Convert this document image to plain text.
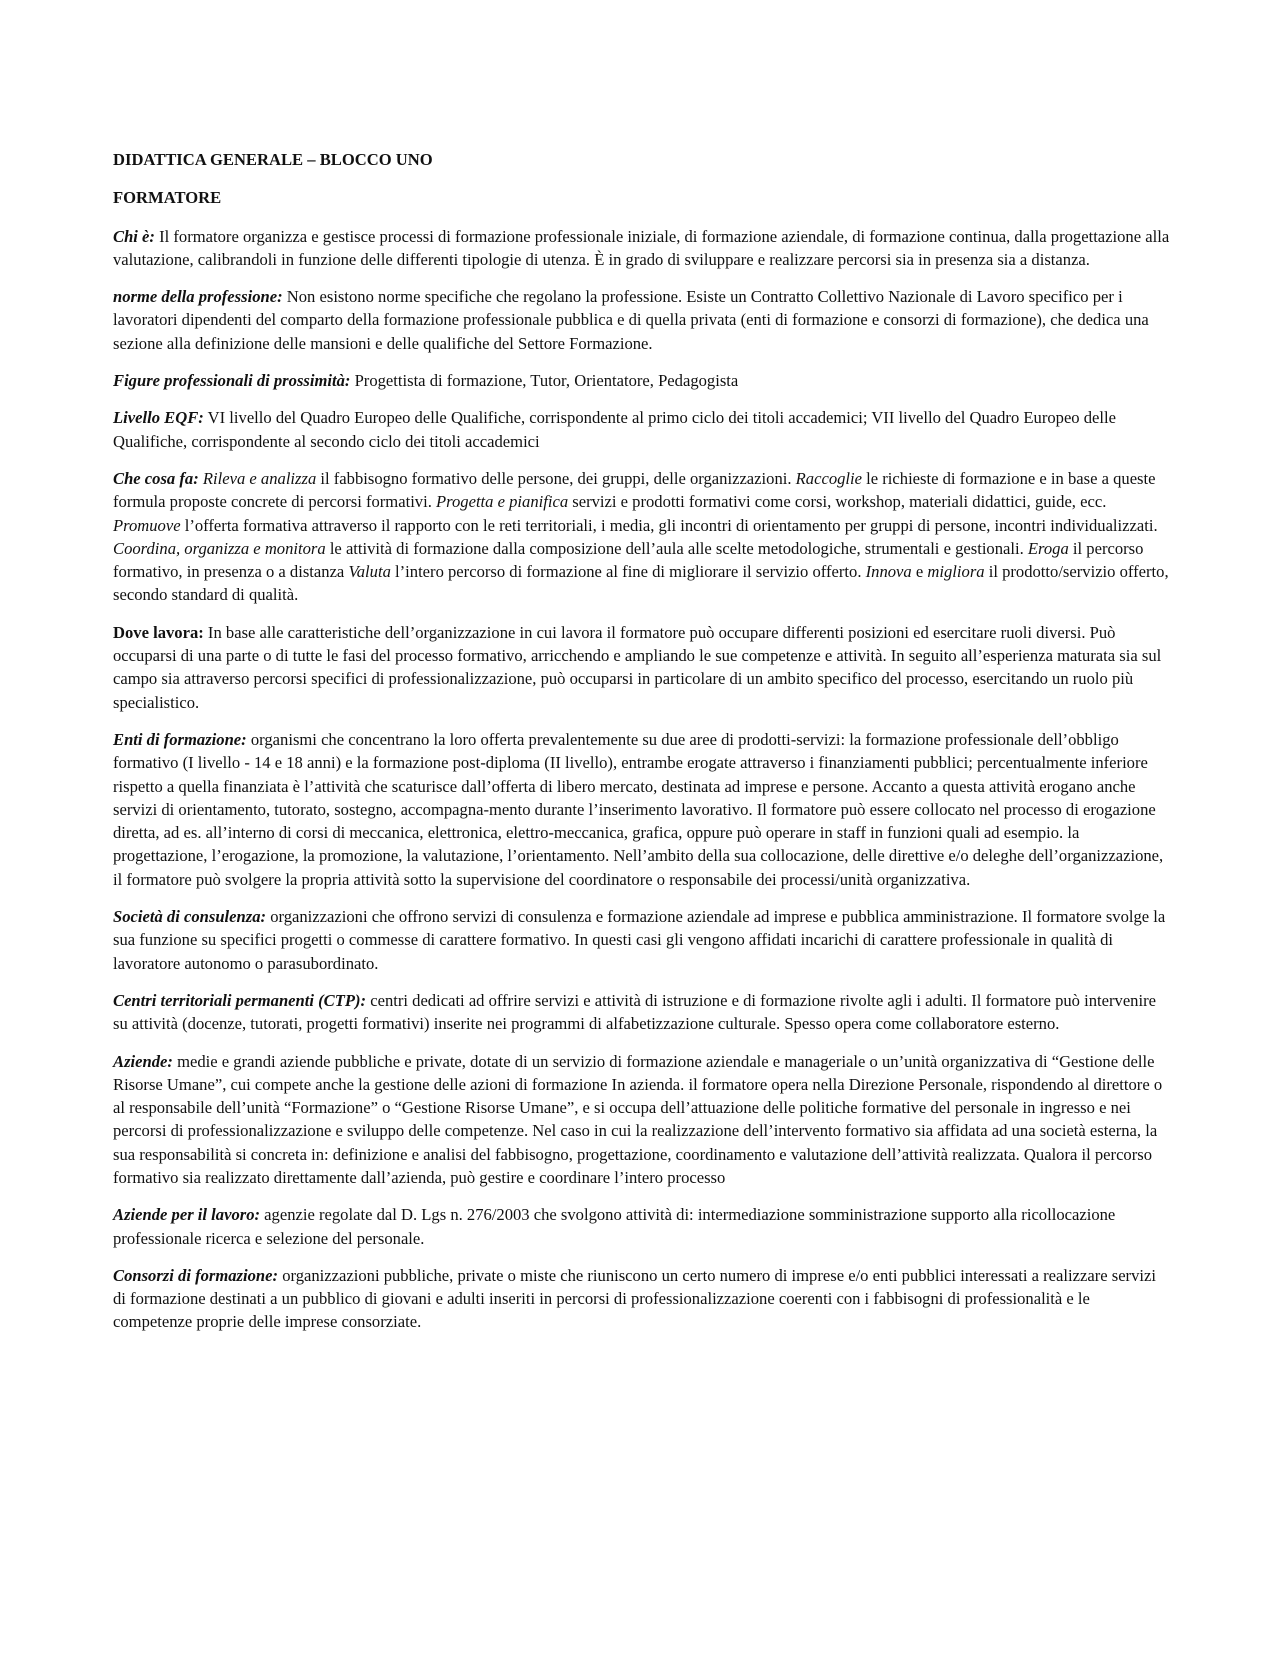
DIDATTICA GENERALE – BLOCCO UNO

FORMATORE

Chi è: Il formatore organizza e gestisce processi di formazione professionale iniziale, di formazione aziendale, di formazione continua, dalla progettazione alla valutazione, calibrandoli in funzione delle differenti tipologie di utenza. È in grado di sviluppare e realizzare percorsi sia in presenza sia a distanza.

norme della professione: Non esistono norme specifiche che regolano la professione. Esiste un Contratto Collettivo Nazionale di Lavoro specifico per i lavoratori dipendenti del comparto della formazione professionale pubblica e di quella privata (enti di formazione e consorzi di formazione), che dedica una sezione alla definizione delle mansioni e delle qualifiche del Settore Formazione.

Figure professionali di prossimità: Progettista di formazione, Tutor, Orientatore, Pedagogista

Livello EQF: VI livello del Quadro Europeo delle Qualifiche, corrispondente al primo ciclo dei titoli accademici; VII livello del Quadro Europeo delle Qualifiche, corrispondente al secondo ciclo dei titoli accademici

Che cosa fa: Rileva e analizza il fabbisogno formativo delle persone, dei gruppi, delle organizzazioni. Raccoglie le richieste di formazione e in base a queste formula proposte concrete di percorsi formativi. Progetta e pianifica servizi e prodotti formativi come corsi, workshop, materiali didattici, guide, ecc. Promuove l’offerta formativa attraverso il rapporto con le reti territoriali, i media, gli incontri di orientamento per gruppi di persone, incontri individualizzati. Coordina, organizza e monitora le attività di formazione dalla composizione dell’aula alle scelte metodologiche, strumentali e gestionali. Eroga il percorso formativo, in presenza o a distanza Valuta l’intero percorso di formazione al fine di migliorare il servizio offerto. Innova e migliora il prodotto/servizio offerto, secondo standard di qualità.

Dove lavora: In base alle caratteristiche dell’organizzazione in cui lavora il formatore può occupare differenti posizioni ed esercitare ruoli diversi. Può occuparsi di una parte o di tutte le fasi del processo formativo, arricchendo e ampliando le sue competenze e attività. In seguito all’esperienza maturata sia sul campo sia attraverso percorsi specifici di professionalizzazione, può occuparsi in particolare di un ambito specifico del processo, esercitando un ruolo più specialistico.

Enti di formazione: organismi che concentrano la loro offerta prevalentemente su due aree di prodotti-servizi: la formazione professionale dell’obbligo formativo (I livello - 14 e 18 anni) e la formazione post-diploma (II livello), entrambe erogate attraverso i finanziamenti pubblici; percentualmente inferiore rispetto a quella finanziata è l’attività che scaturisce dall’offerta di libero mercato, destinata ad imprese e persone. Accanto a questa attività erogano anche servizi di orientamento, tutorato, sostegno, accompagna-mento durante l’inserimento lavorativo. Il formatore può essere collocato nel processo di erogazione diretta, ad es. all’interno di corsi di meccanica, elettronica, elettro-meccanica, grafica, oppure può operare in staff in funzioni quali ad esempio. la progettazione, l’erogazione, la promozione, la valutazione, l’orientamento. Nell’ambito della sua collocazione, delle direttive e/o deleghe dell’organizzazione, il formatore può svolgere la propria attività sotto la supervisione del coordinatore o responsabile dei processi/unità organizzativa.

Società di consulenza: organizzazioni che offrono servizi di consulenza e formazione aziendale ad imprese e pubblica amministrazione. Il formatore svolge la sua funzione su specifici progetti o commesse di carattere formativo. In questi casi gli vengono affidati incarichi di carattere professionale in qualità di lavoratore autonomo o parasubordinato.

Centri territoriali permanenti (CTP): centri dedicati ad offrire servizi e attività di istruzione e di formazione rivolte agli i adulti. Il formatore può intervenire su attività (docenze, tutorati, progetti formativi) inserite nei programmi di alfabetizzazione culturale. Spesso opera come collaboratore esterno.

Aziende: medie e grandi aziende pubbliche e private, dotate di un servizio di formazione aziendale e manageriale o un’unità organizzativa di “Gestione delle Risorse Umane”, cui compete anche la gestione delle azioni di formazione In azienda. il formatore opera nella Direzione Personale, rispondendo al direttore o al responsabile dell’unità “Formazione” o “Gestione Risorse Umane”, e si occupa dell’attuazione delle politiche formative del personale in ingresso e nei percorsi di professionalizzazione e sviluppo delle competenze. Nel caso in cui la realizzazione dell’intervento formativo sia affidata ad una società esterna, la sua responsabilità si concreta in: definizione e analisi del fabbisogno, progettazione, coordinamento e valutazione dell’attività realizzata. Qualora il percorso formativo sia realizzato direttamente dall’azienda, può gestire e coordinare l’intero processo

Aziende per il lavoro: agenzie regolate dal D. Lgs n. 276/2003 che svolgono attività di: intermediazione somministrazione supporto alla ricollocazione professionale ricerca e selezione del personale.

Consorzi di formazione: organizzazioni pubbliche, private o miste che riuniscono un certo numero di imprese e/o enti pubblici interessati a realizzare servizi di formazione destinati a un pubblico di giovani e adulti inseriti in percorsi di professionalizzazione coerenti con i fabbisogni di professionalità e le competenze proprie delle imprese consorziate.
